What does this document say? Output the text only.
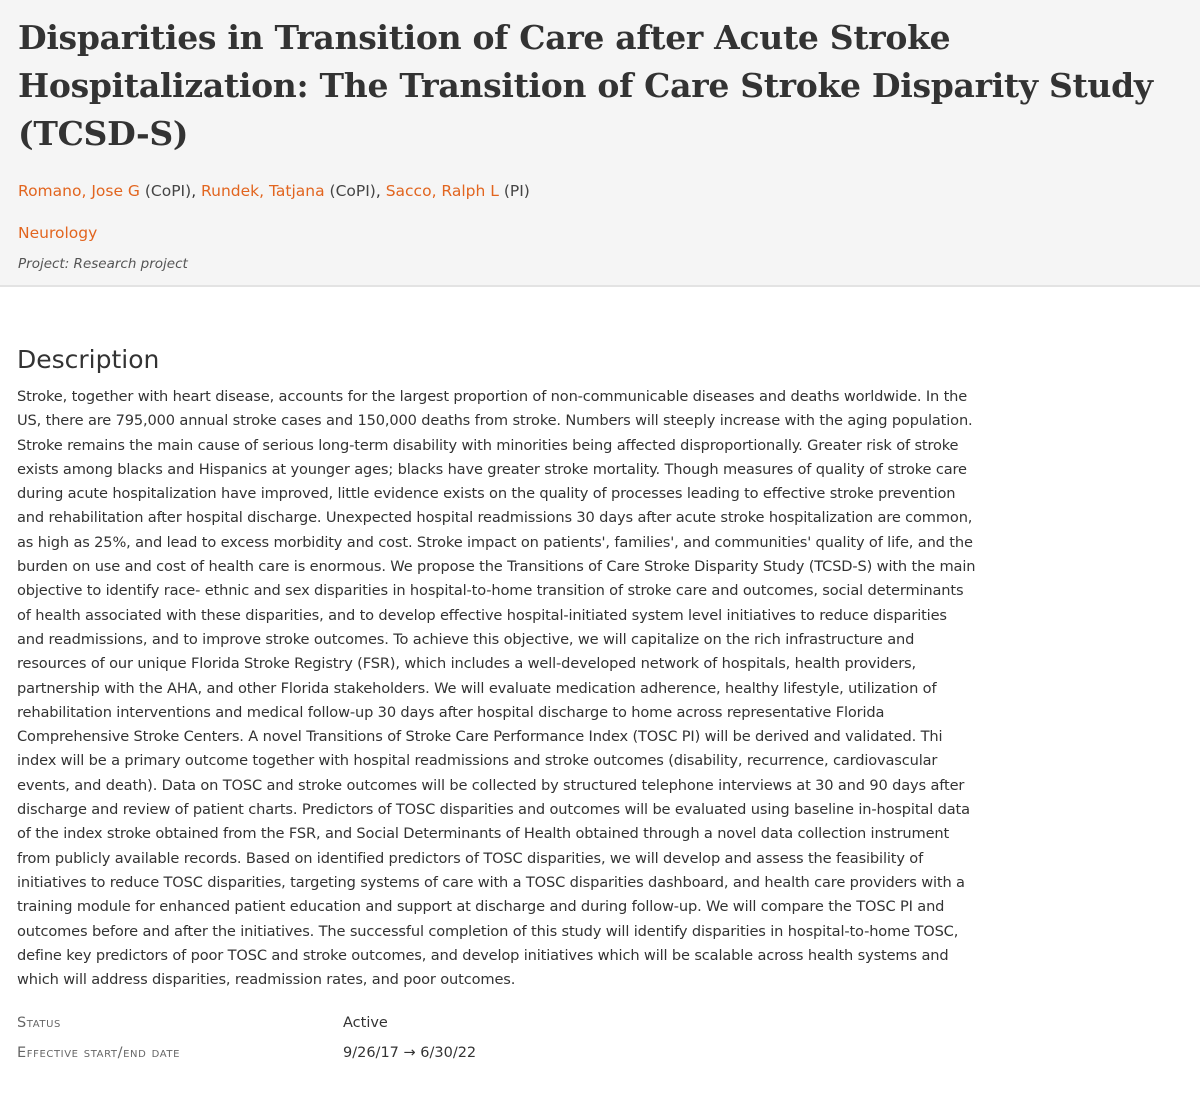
Disparities in Transition of Care after Acute Stroke Hospitalization: The Transition of Care Stroke Disparity Study (TCSD-S)
Romano, Jose G (CoPI), Rundek, Tatjana (CoPI), Sacco, Ralph L (PI)
Neurology
Project: Research project
Description
Stroke, together with heart disease, accounts for the largest proportion of non-communicable diseases and deaths worldwide. In the US, there are 795,000 annual stroke cases and 150,000 deaths from stroke. Numbers will steeply increase with the aging population. Stroke remains the main cause of serious long-term disability with minorities being affected disproportionally. Greater risk of stroke exists among blacks and Hispanics at younger ages; blacks have greater stroke mortality. Though measures of quality of stroke care during acute hospitalization have improved, little evidence exists on the quality of processes leading to effective stroke prevention and rehabilitation after hospital discharge. Unexpected hospital readmissions 30 days after acute stroke hospitalization are common, as high as 25%, and lead to excess morbidity and cost. Stroke impact on patients', families', and communities' quality of life, and the burden on use and cost of health care is enormous. We propose the Transitions of Care Stroke Disparity Study (TCSD-S) with the main objective to identify race- ethnic and sex disparities in hospital-to-home transition of stroke care and outcomes, social determinants of health associated with these disparities, and to develop effective hospital-initiated system level initiatives to reduce disparities and readmissions, and to improve stroke outcomes. To achieve this objective, we will capitalize on the rich infrastructure and resources of our unique Florida Stroke Registry (FSR), which includes a well-developed network of hospitals, health providers, partnership with the AHA, and other Florida stakeholders. We will evaluate medication adherence, healthy lifestyle, utilization of rehabilitation interventions and medical follow-up 30 days after hospital discharge to home across representative Florida Comprehensive Stroke Centers. A novel Transitions of Stroke Care Performance Index (TOSC PI) will be derived and validated. Thi index will be a primary outcome together with hospital readmissions and stroke outcomes (disability, recurrence, cardiovascular events, and death). Data on TOSC and stroke outcomes will be collected by structured telephone interviews at 30 and 90 days after discharge and review of patient charts. Predictors of TOSC disparities and outcomes will be evaluated using baseline in-hospital data of the index stroke obtained from the FSR, and Social Determinants of Health obtained through a novel data collection instrument from publicly available records. Based on identified predictors of TOSC disparities, we will develop and assess the feasibility of initiatives to reduce TOSC disparities, targeting systems of care with a TOSC disparities dashboard, and health care providers with a training module for enhanced patient education and support at discharge and during follow-up. We will compare the TOSC PI and outcomes before and after the initiatives. The successful completion of this study will identify disparities in hospital-to-home TOSC, define key predictors of poor TOSC and stroke outcomes, and develop initiatives which will be scalable across health systems and which will address disparities, readmission rates, and poor outcomes.
Status	Active
Effective start/end date	9/26/17 → 6/30/22
